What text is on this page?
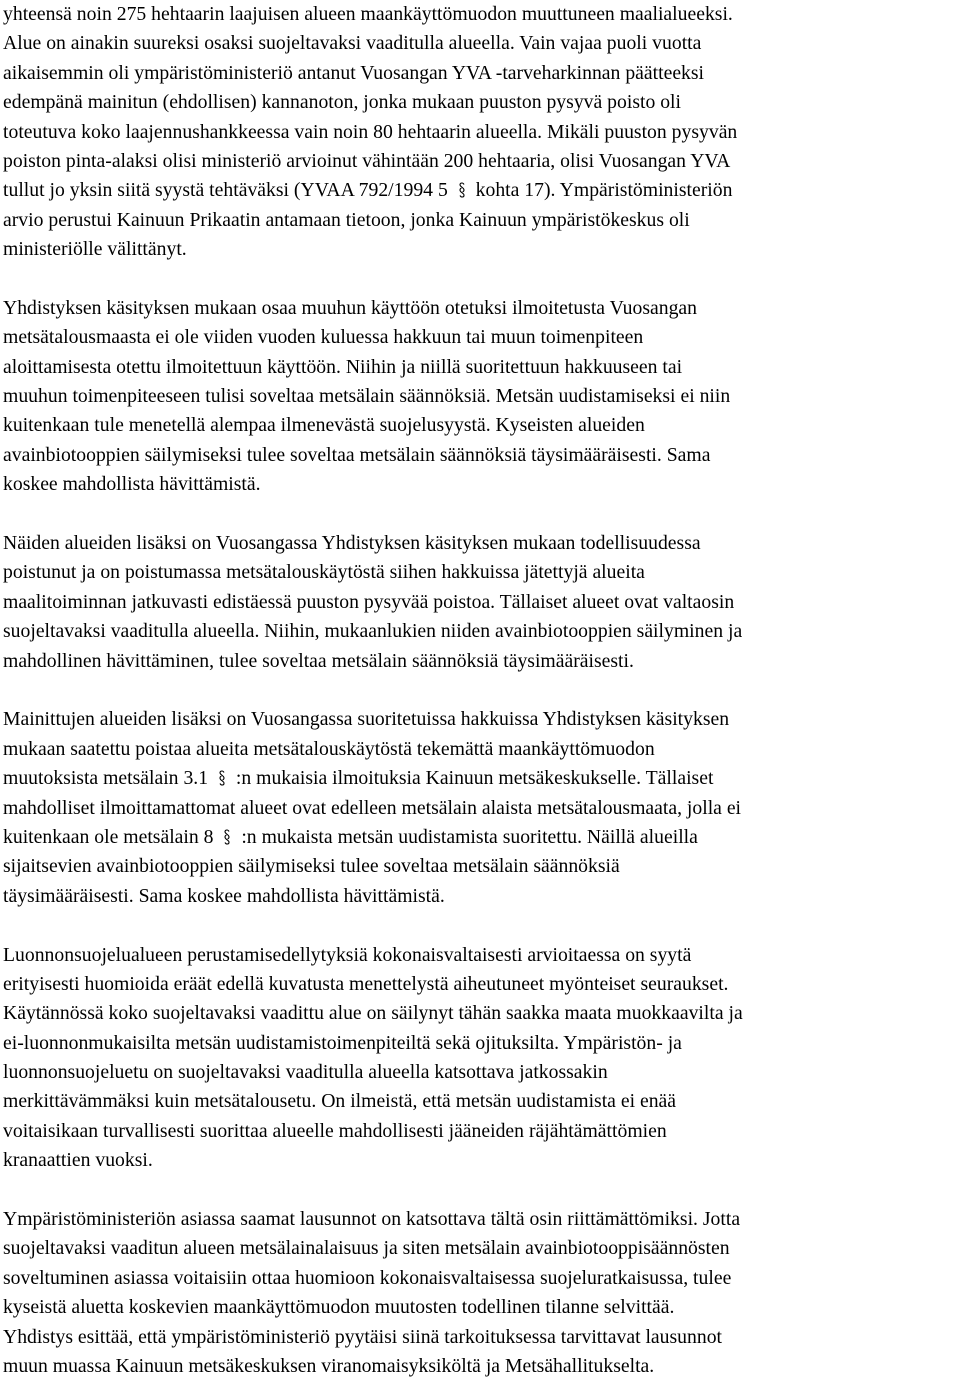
yhteensä noin 275 hehtaarin laajuisen alueen maankäyttömuodon muuttuneen maalialueeksi.
Alue on ainakin suureksi osaksi suojeltavaksi vaaditulla alueella. Vain vajaa puoli vuotta
aikaisemmin oli ympäristöministeriö antanut Vuosangan YVA -tarveharkinnan päätteeksi
edempänä mainitun (ehdollisen) kannanoton, jonka mukaan puuston pysyvä poisto oli
toteutuva koko laajennushankkeessa vain noin 80 hehtaarin alueella. Mikäli puuston pysyvän
poiston pinta-alaksi olisi ministeriö arvioinut vähintään 200 hehtaaria, olisi Vuosangan YVA
tullut jo yksin siitä syystä tehtäväksi (YVAA 792/1994 5 kohta 17). Ympäristöministeriön
arvio perustui Kainuun Prikaatin antamaan tietoon, jonka Kainuun ympäristökeskus oli
ministeriölle välittänyt.
Yhdistyksen käsityksen mukaan osaa muuhun käyttöön otetuksi ilmoitetusta Vuosangan
metsätalousmaasta ei ole viiden vuoden kuluessa hakkuun tai muun toimenpiteen
aloittamisesta otettu ilmoitettuun käyttöön. Niihin ja niillä suoritettuun hakkuuseen tai
muuhun toimenpiteeseen tulisi soveltaa metsälain säännöksiä. Metsän uudistamiseksi ei niin
kuitenkaan tule menetellä alempaa ilmenevästä suojelusyystä. Kyseisten alueiden
avainbiotooppien säilymiseksi tulee soveltaa metsälain säännöksiä täysimääräisesti. Sama
koskee mahdollista hävittämistä.
Näiden alueiden lisäksi on Vuosangassa Yhdistyksen käsityksen mukaan todellisuudessa
poistunut ja on poistumassa metsätalouskäytöstä siihen hakkuissa jätettyjä alueita
maalitoiminnan jatkuvasti edistäessä puuston pysyvää poistoa. Tällaiset alueet ovat valtaosin
suojeltavaksi vaaditulla alueella. Niihin, mukaanlukien niiden avainbiotooppien säilyminen ja
mahdollinen hävittäminen, tulee soveltaa metsälain säännöksiä täysimääräisesti.
Mainittujen alueiden lisäksi on Vuosangassa suoritetuissa hakkuissa Yhdistyksen käsityksen
mukaan saatettu poistaa alueita metsätalouskäytöstä tekemättä maankäyttömuodon
muutoksista metsälain 3.1 :n mukaisia ilmoituksia Kainuun metsäkeskukselle. Tällaiset
mahdolliset ilmoittamattomat alueet ovat edelleen metsälain alaista metsätalousmaata, jolla ei
kuitenkaan ole metsälain 8 :n mukaista metsän uudistamista suoritettu. Näillä alueilla
sijaitsevien avainbiotooppien säilymiseksi tulee soveltaa metsälain säännöksiä
täysimääräisesti. Sama koskee mahdollista hävittämistä.
Luonnonsuojelualueen perustamisedellytyksiä kokonaisvaltaisesti arvioitaessa on syytä
erityisesti huomioida eräät edellä kuvatusta menettelystä aiheutuneet myönteiset seuraukset.
Käytännössä koko suojeltavaksi vaadittu alue on säilynyt tähän saakka maata muokkaavilta ja
ei-luonnonmukaisilta metsän uudistamistoimenpiteiltä sekä ojituksilta. Ympäristön- ja
luonnonsuojeluetu on suojeltavaksi vaaditulla alueella katsottava jatkossakin
merkittävämmäksi kuin metsätalousetu. On ilmeistä, että metsän uudistamista ei enää
voitaisikaan turvallisesti suorittaa alueelle mahdollisesti jääneiden räjähtämättömien
kranaattien vuoksi.
Ympäristöministeriön asiassa saamat lausunnot on katsottava tältä osin riittämättömiksi. Jotta
suojeltavaksi vaaditun alueen metsälainalaisuus ja siten metsälain avainbiotooppisäännösten
soveltuminen asiassa voitaisiin ottaa huomioon kokonaisvaltaisessa suojeluratkaisussa, tulee
kyseistä aluetta koskevien maankäyttömuodon muutosten todellinen tilanne selvittää.
Yhdistys esittää, että ympäristöministeriö pyytäisi siinä tarkoituksessa tarvittavat lausunnot
muun muassa Kainuun metsäkeskuksen viranomaisyksiköltä ja Metsähallitukselta.
